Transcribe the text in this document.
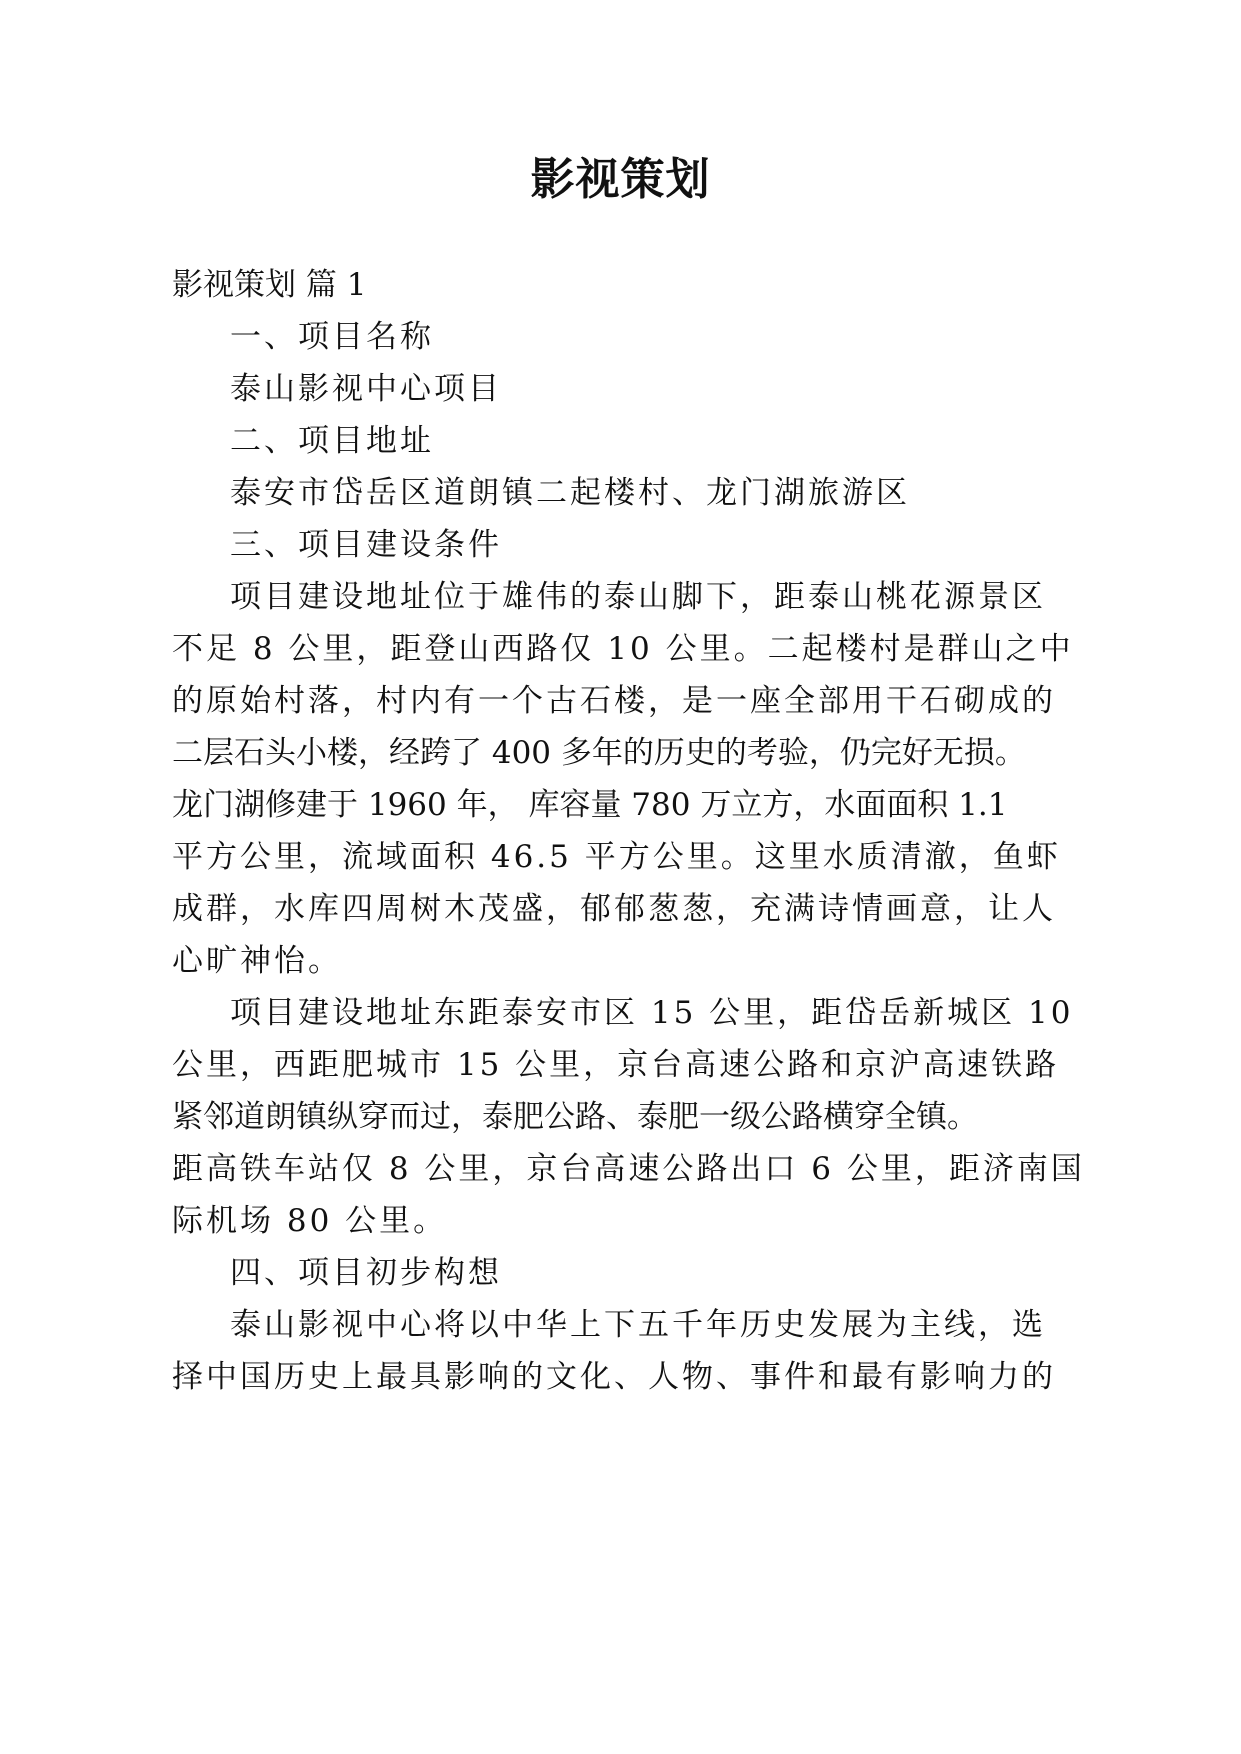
影视策划
影视策划 篇 1
一、项目名称
泰山影视中心项目
二、项目地址
泰安市岱岳区道朗镇二起楼村、龙门湖旅游区
三、项目建设条件
项目建设地址位于雄伟的泰山脚下，距泰山桃花源景区
不足 8 公里，距登山西路仅 10 公里。二起楼村是群山之中
的原始村落，村内有一个古石楼，是一座全部用干石砌成的
二层石头小楼，经跨了 400 多年的历史的考验，仍完好无损。
龙门湖修建于 1960 年， 库容量 780 万立方，水面面积 1.1
平方公里，流域面积 46.5 平方公里。这里水质清澈，鱼虾
成群，水库四周树木茂盛，郁郁葱葱，充满诗情画意，让人
心旷神怡。
项目建设地址东距泰安市区 15 公里，距岱岳新城区 10
公里，西距肥城市 15 公里，京台高速公路和京沪高速铁路
紧邻道朗镇纵穿而过，泰肥公路、泰肥一级公路横穿全镇。
距高铁车站仅 8 公里，京台高速公路出口 6 公里，距济南国
际机场 80 公里。
四、项目初步构想
泰山影视中心将以中华上下五千年历史发展为主线，选
择中国历史上最具影响的文化、人物、事件和最有影响力的
